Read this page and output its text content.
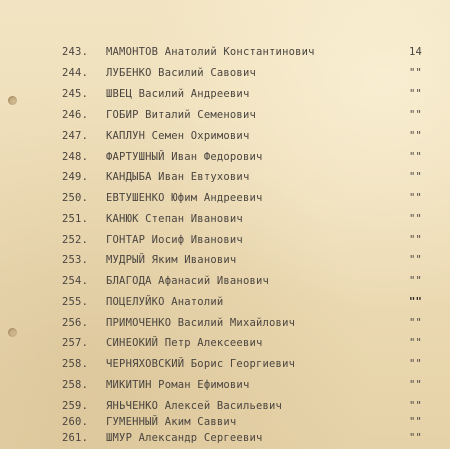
243.	МАМОНТОВ Анатолий Константинович	14
244.	ЛУБЕНКО Василий Савович	""
245.	ШВЕЦ Василий Андреевич	""
246.	ГОБИР Виталий Семенович	""
247.	КАПЛУН Семен Охримович	""
248.	ФАРТУШНЫЙ Иван Федорович	""
249.	КАНДЫБА Иван Евтухович	""
250.	ЕВТУШЕНКО Юфим Андреевич	""
251.	КАНЮК Степан Иванович	""
252.	ГОНТАР Иосиф Иванович	""
253.	МУДРЫЙ Яким Иванович	""
254.	БЛАГОДА Афанасий Иванович	""
255.	ПОЦЕЛУЙКО Анатолий	""
256.	ПРИМОЧЕНКО Василий Михайлович	""
257.	СИНЕОКИЙ Петр Алексеевич	""
258.	ЧЕРНЯХОВСКИЙ Борис Георгиевич	""
258.	МИКИТИН Роман Ефимович	""
259.	ЯНЬЧЕНКО Алексей Васильевич	""
260.	ГУМЕННЫЙ Аким Саввич	""
261.	ШМУР Александр Сергеевич	""
